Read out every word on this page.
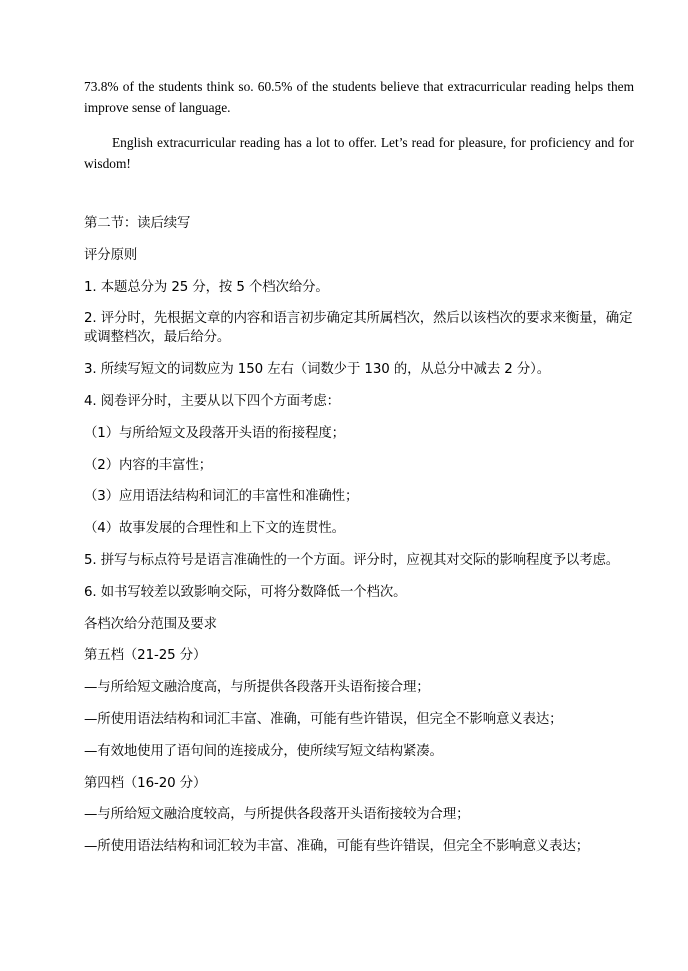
73.8% of the students think so. 60.5% of the students believe that extracurricular reading helps them improve sense of language.

English extracurricular reading has a lot to offer. Let’s read for pleasure, for proficiency and for wisdom!

第二节：读后续写

评分原则

1. 本题总分为 25 分，按 5 个档次给分。

2. 评分时，先根据文章的内容和语言初步确定其所属档次，然后以该档次的要求来衡量，确定或调整档次，最后给分。

3. 所续写短文的词数应为 150 左右（词数少于 130 的，从总分中减去 2 分）。

4. 阅卷评分时，主要从以下四个方面考虑：

（1）与所给短文及段落开头语的衔接程度；

（2）内容的丰富性；

（3）应用语法结构和词汇的丰富性和准确性；

（4）故事发展的合理性和上下文的连贯性。

5. 拼写与标点符号是语言准确性的一个方面。评分时，应视其对交际的影响程度予以考虑。

6. 如书写较差以致影响交际，可将分数降低一个档次。

各档次给分范围及要求

第五档（21-25 分）

—与所给短文融洽度高，与所提供各段落开头语衔接合理；

—所使用语法结构和词汇丰富、准确，可能有些许错误，但完全不影响意义表达；

—有效地使用了语句间的连接成分，使所续写短文结构紧凑。

第四档（16-20 分）

—与所给短文融洽度较高，与所提供各段落开头语衔接较为合理；

—所使用语法结构和词汇较为丰富、准确，可能有些许错误，但完全不影响意义表达；
